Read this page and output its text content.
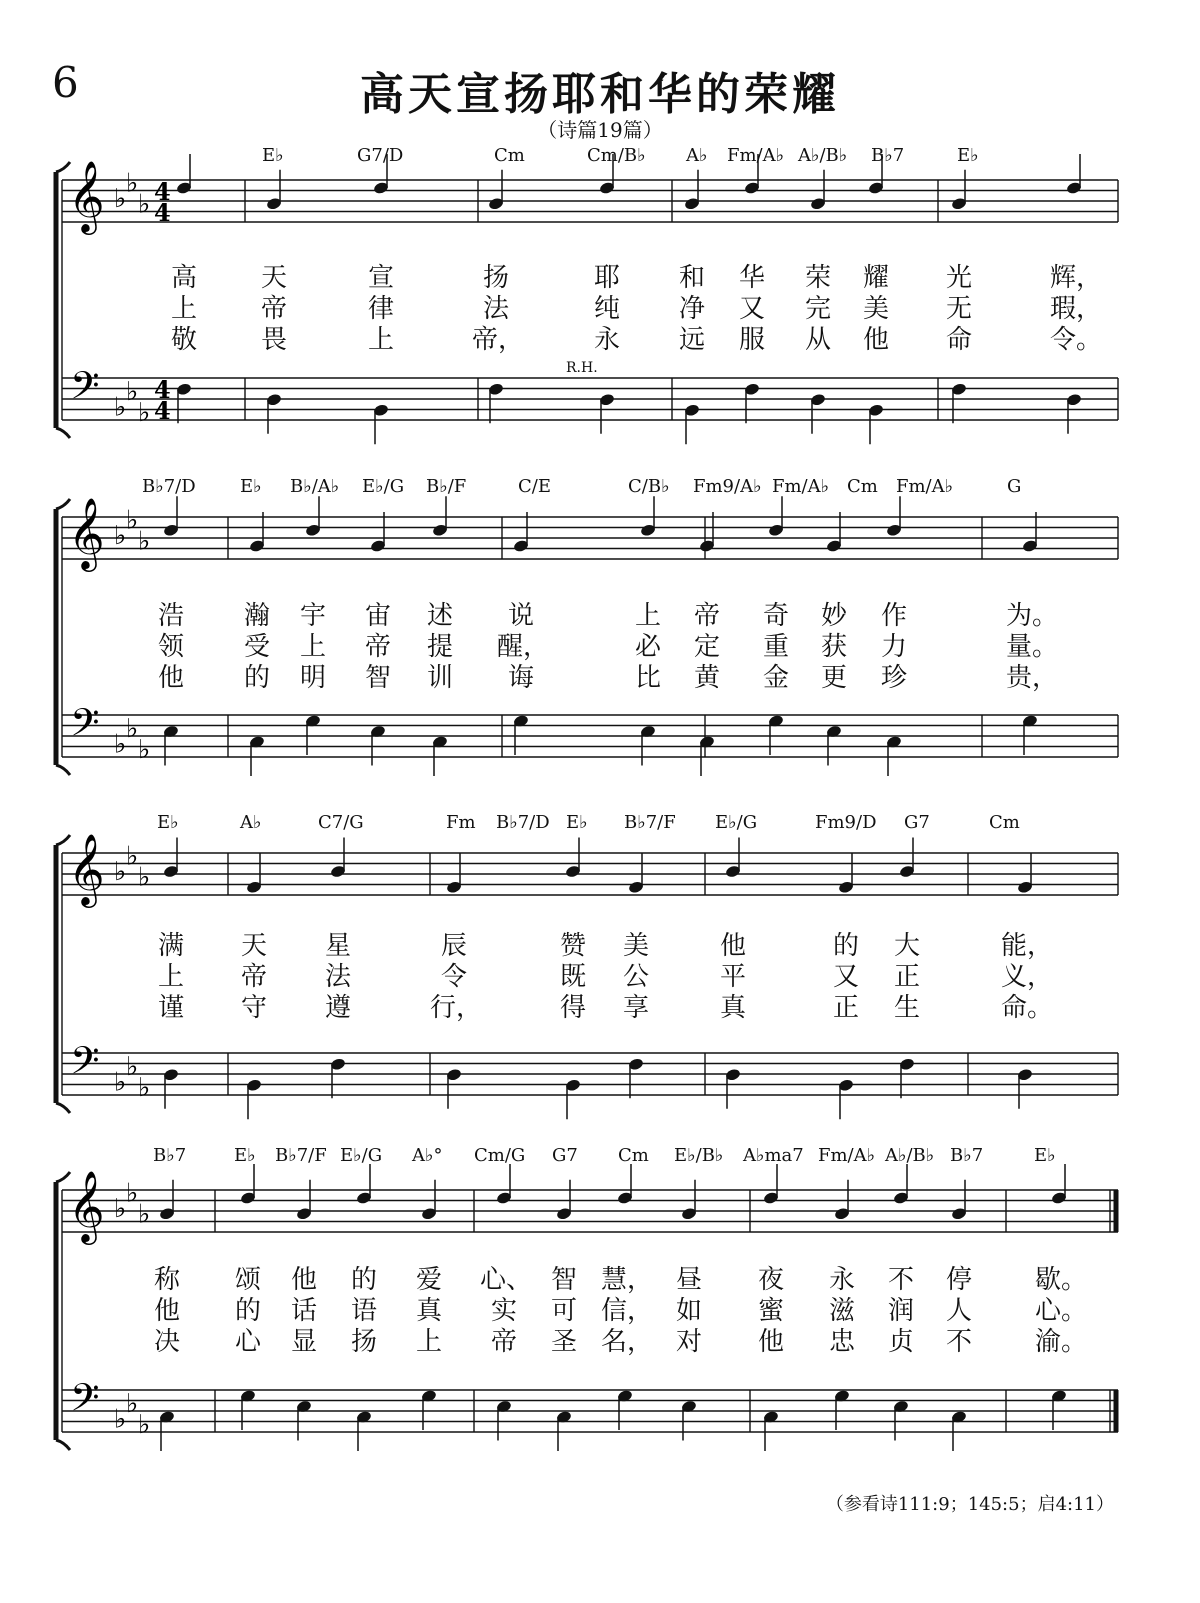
6	高天宣扬耶和华的荣耀
（诗篇19篇）
𝄞
𝄢
♭
♭
♭
♭
♭
♭
4
4
4
4
𝄞
𝄢
♭
♭
♭
♭
♭
♭
𝄞
𝄢
♭
♭
♭
♭
♭
♭
𝄞
𝄢
♭
♭
♭
♭
♭
♭
E♭	G7/D	Cm	Cm/B♭ A♭ Fm/A♭ A♭/B♭ B♭7	E♭
高	天	宣	扬	耶	和	华	荣	耀	光	辉，
上	帝	律	法	纯	净	又	完	美	无	瑕，
敬	畏	上	帝，	永	远	服	从	他	命	令。
B♭7/D E♭ B♭/A♭ E♭/G B♭/F	C/E	C/B♭ Fm9/A♭ Fm/A♭ Cm Fm/A♭	G
浩	瀚	宇	宙	述	说	上	帝	奇	妙	作	为。
领	受	上	帝	提	醒，	必	定	重	获	力	量。
他	的	明	智	训	诲	比	黄	金	更	珍	贵，
E♭	A♭	C7/G	Fm B♭7/D E♭ B♭7/F E♭/G	Fm9/D G7	Cm
满	天	星	辰	赞	美	他	的	大	能，
上	帝	法	令	既	公	平	又	正	义，
谨	守	遵	行，	得	享	真	正	生	命。
B♭7	E♭ B♭7/F E♭/G A♭° Cm/G G7 Cm E♭/B♭ A♭ma7 Fm/A♭ A♭/B♭ B♭7	E♭
称	颂	他	的	爱	心、 智 慧， 昼	夜	永	不	停	歇。
他	的	话	语	真	实	可 信， 如	蜜	滋	润	人	心。
决	心	显	扬	上	帝	圣 名， 对	他	忠	贞	不	渝。
R.H.
（参看诗111:9；145:5；启4:11）
